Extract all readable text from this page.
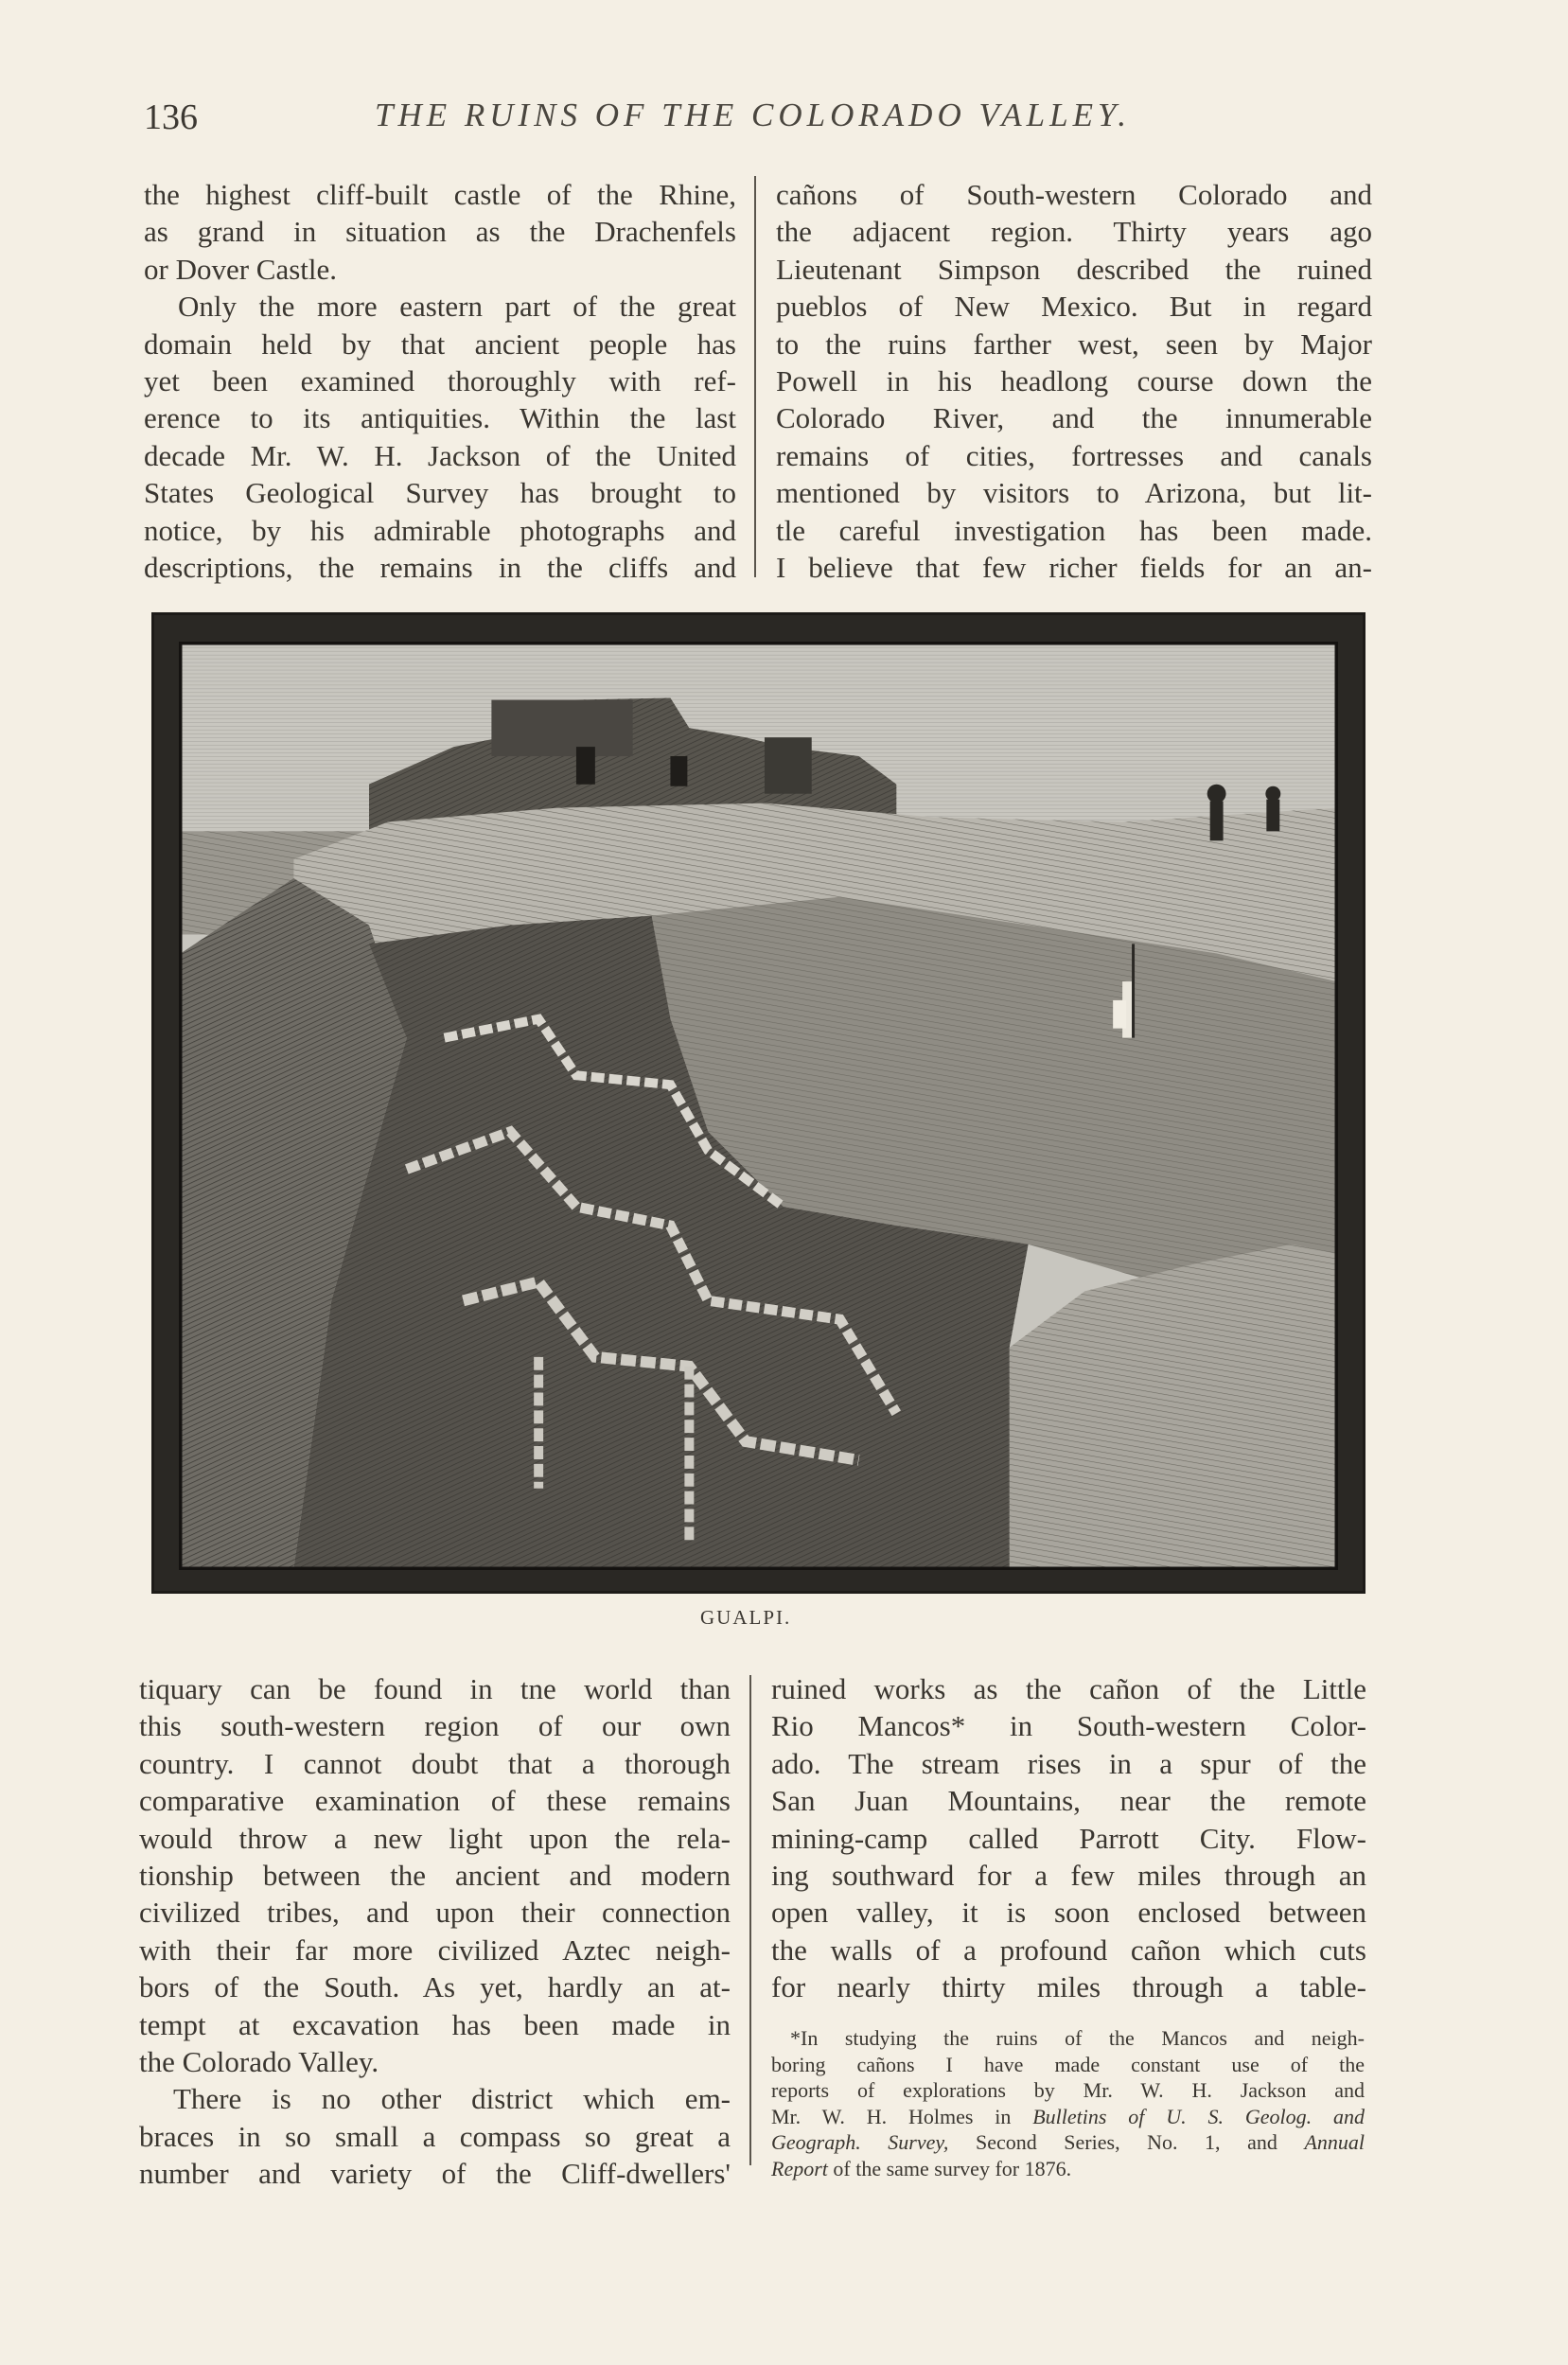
136	THE RUINS OF THE COLORADO VALLEY.
the highest cliff-built castle of the Rhine,
as grand in situation as the Drachenfels
or Dover Castle.
Only the more eastern part of the great
domain held by that ancient people has
yet been examined thoroughly with ref-
erence to its antiquities. Within the last
decade Mr. W. H. Jackson of the United
States Geological Survey has brought to
notice, by his admirable photographs and
descriptions, the remains in the cliffs and
cañons of South-western Colorado and
the adjacent region. Thirty years ago
Lieutenant Simpson described the ruined
pueblos of New Mexico. But in regard
to the ruins farther west, seen by Major
Powell in his headlong course down the
Colorado River, and the innumerable
remains of cities, fortresses and canals
mentioned by visitors to Arizona, but lit-
tle careful investigation has been made.
I believe that few richer fields for an an-
GUALPI.
tiquary can be found in tne world than
this south-western region of our own
country. I cannot doubt that a thorough
comparative examination of these remains
would throw a new light upon the rela-
tionship between the ancient and modern
civilized tribes, and upon their connection
with their far more civilized Aztec neigh-
bors of the South. As yet, hardly an at-
tempt at excavation has been made in
the Colorado Valley.
There is no other district which em-
braces in so small a compass so great a
number and variety of the Cliff-dwellers'
ruined works as the cañon of the Little
Rio Mancos* in South-western Color-
ado. The stream rises in a spur of the
San Juan Mountains, near the remote
mining-camp called Parrott City. Flow-
ing southward for a few miles through an
open valley, it is soon enclosed between
the walls of a profound cañon which cuts
for nearly thirty miles through a table-
*In studying the ruins of the Mancos and neigh-
boring cañons I have made constant use of the
reports of explorations by Mr. W. H. Jackson and
Mr. W. H. Holmes in Bulletins of U. S. Geolog. and
Geograph. Survey, Second Series, No. 1, and Annual
Report of the same survey for 1876.
